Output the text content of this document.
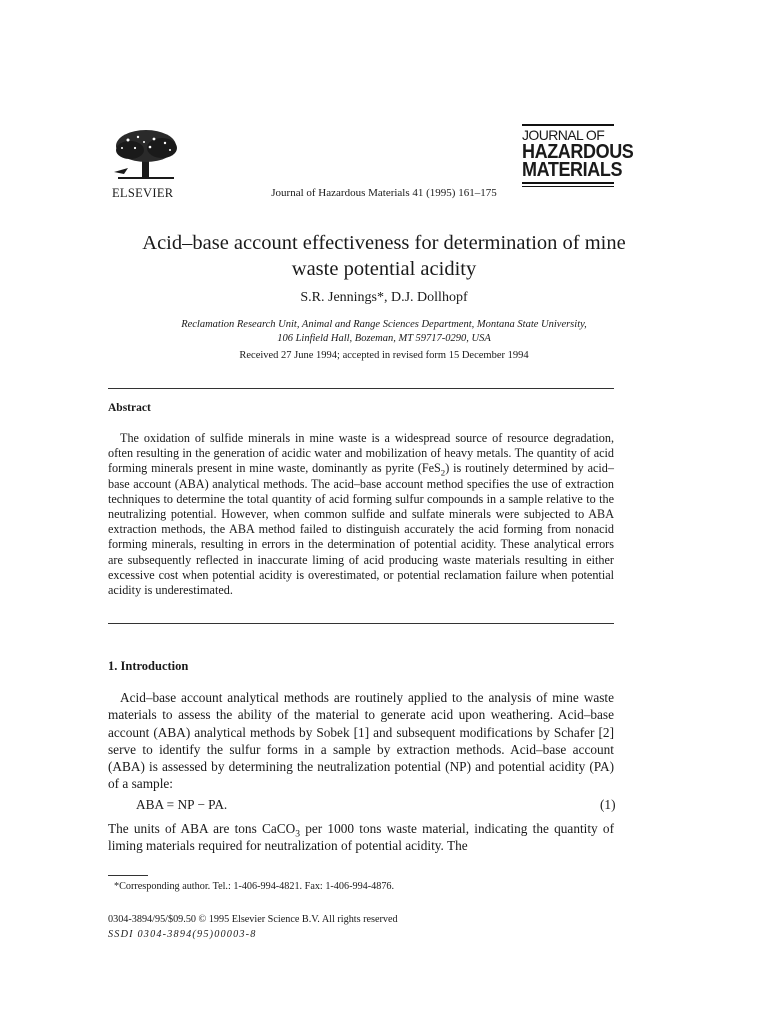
ELSEVIER	Journal of Hazardous Materials 41 (1995) 161–175
JOURNAL OF
HAZARDOUS
MATERIALS
Acid–base account effectiveness for determination of mine waste potential acidity
S.R. Jennings*, D.J. Dollhopf
Reclamation Research Unit, Animal and Range Sciences Department, Montana State University,
106 Linfield Hall, Bozeman, MT 59717-0290, USA
Received 27 June 1994; accepted in revised form 15 December 1994
Abstract
The oxidation of sulfide minerals in mine waste is a widespread source of resource degradation, often resulting in the generation of acidic water and mobilization of heavy metals. The quantity of acid forming minerals present in mine waste, dominantly as pyrite (FeS$_2$) is routinely determined by acid–base account (ABA) analytical methods. The acid–base account method specifies the use of extraction techniques to determine the total quantity of acid forming sulfur compounds in a sample relative to the neutralizing potential. However, when common sulfide and sulfate minerals were subjected to ABA extraction methods, the ABA method failed to distinguish accurately the acid forming from nonacid forming minerals, resulting in errors in the determination of potential acidity. These analytical errors are subsequently reflected in inaccurate liming of acid producing waste materials resulting in either excessive cost when potential acidity is overestimated, or potential reclamation failure when potential acidity is underestimated.
1. Introduction
Acid–base account analytical methods are routinely applied to the analysis of mine waste materials to assess the ability of the material to generate acid upon weathering. Acid–base account (ABA) analytical methods by Sobek [1] and subsequent modifications by Schafer [2] serve to identify the sulfur forms in a sample by extraction methods. Acid–base account (ABA) is assessed by determining the neutralization potential (NP) and potential acidity (PA) of a sample:
ABA = NP − PA.	(1)
The units of ABA are tons CaCO$_3$ per 1000 tons waste material, indicating the quantity of liming materials required for neutralization of potential acidity. The
*Corresponding author. Tel.: 1-406-994-4821. Fax: 1-406-994-4876.
0304-3894/95/$09.50 © 1995 Elsevier Science B.V. All rights reserved
SSDI 0304-3894(95)00003-8
